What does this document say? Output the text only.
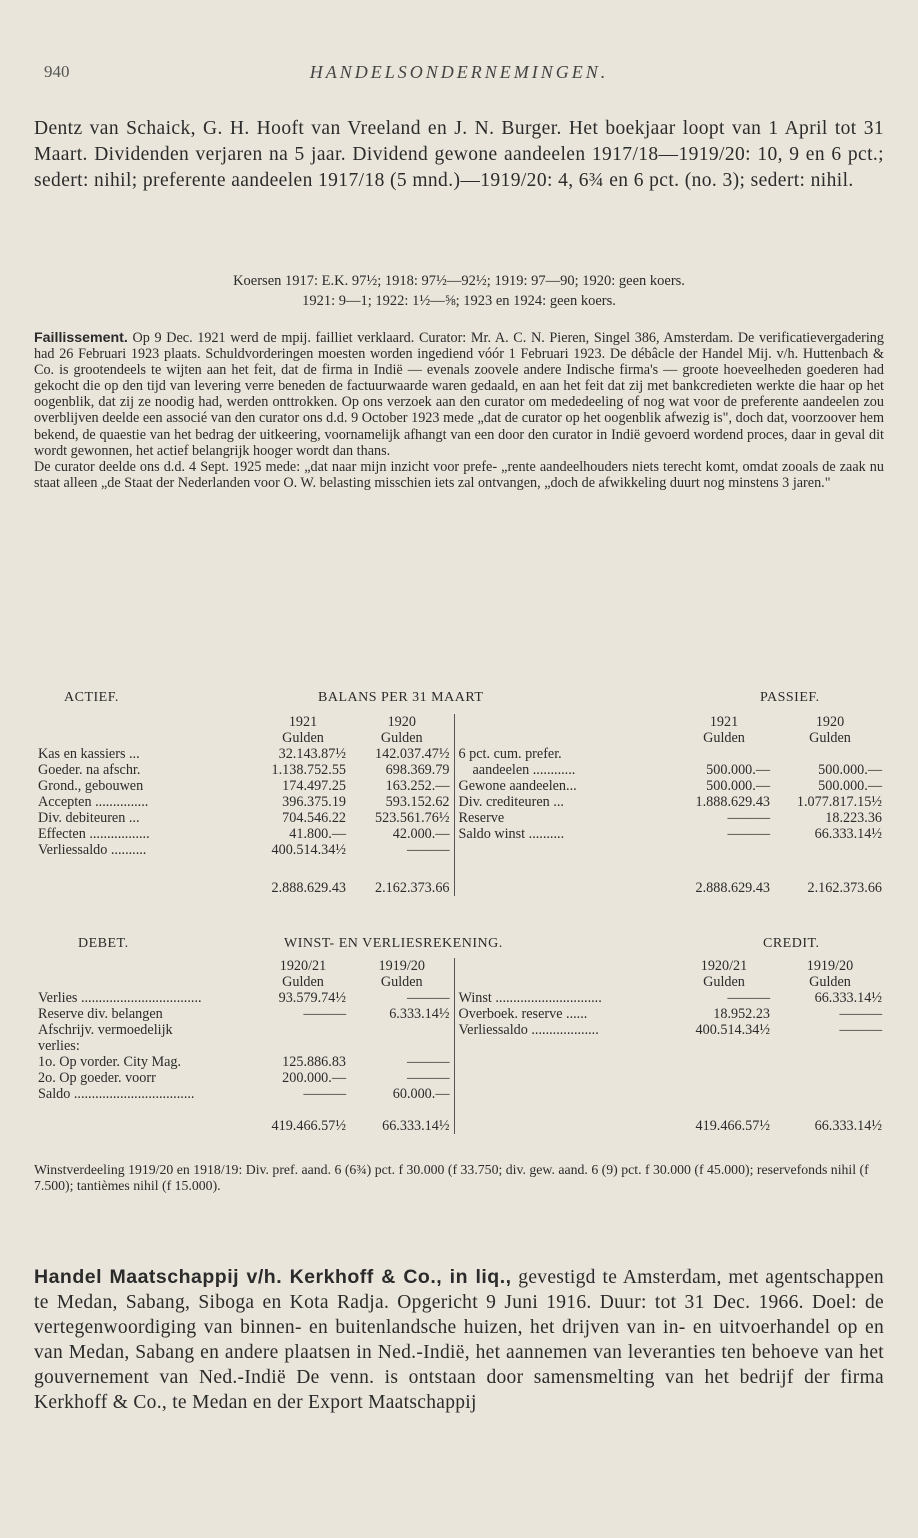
940	HANDELSONDERNEMINGEN.

Dentz van Schaick, G. H. Hooft van Vreeland en J. N. Burger. Het boekjaar loopt van 1 April tot 31 Maart. Dividenden verjaren na 5 jaar. Dividend gewone aandeelen 1917/18—1919/20: 10, 9 en 6 pct.; sedert: nihil; preferente aandeelen 1917/18 (5 mnd.)—1919/20: 4, 6¾ en 6 pct. (no. 3); sedert: nihil.

Koersen 1917: E.K. 97½; 1918: 97½—92½; 1919: 97—90; 1920: geen koers.

1921: 9—1; 1922: 1½—⅝; 1923 en 1924: geen koers.

Faillissement. Op 9 Dec. 1921 werd de mpij. failliet verklaard. Curator: Mr. A. C. N. Pieren, Singel 386, Amsterdam. De verificatievergadering had 26 Februari 1923 plaats. Schuldvorderingen moesten worden ingediend vóór 1 Februari 1923. De débâcle der Handel Mij. v/h. Huttenbach & Co. is grootendeels te wijten aan het feit, dat de firma in Indië — evenals zoovele andere Indische firma's — groote hoeveelheden goederen had gekocht die op den tijd van levering verre beneden de factuurwaarde waren gedaald, en aan het feit dat zij met bankcredieten werkte die haar op het oogenblik, dat zij ze noodig had, werden onttrokken. Op ons verzoek aan den curator om mededeeling of nog wat voor de preferente aandeelen zou overblijven deelde een associé van den curator ons d.d. 9 October 1923 mede „dat de curator op het oogenblik afwezig is", doch dat, voorzoover hem bekend, de quaestie van het bedrag der uitkeering, voornamelijk afhangt van een door den curator in Indië gevoerd wordend proces, daar in geval dit wordt gewonnen, het actief belangrijk hooger wordt dan thans.

De curator deelde ons d.d. 4 Sept. 1925 mede: „dat naar mijn inzicht voor prefe- „rente aandeelhouders niets terecht komt, omdat zooals de zaak nu staat alleen „de Staat der Nederlanden voor O. W. belasting misschien iets zal ontvangen, „doch de afwikkeling duurt nog minstens 3 jaren."

ACTIEF.	BALANS PER 31 MAART	PASSIEF.
	1921	1920		1921	1920
	Gulden	Gulden		Gulden	Gulden
Kas en kassiers ...	32.143.87½	142.037.47½	6 pct. cum. prefer.		
Goeder. na afschr.	1.138.752.55	698.369.79	aandeelen ............	500.000.—	500.000.—
Grond., gebouwen	174.497.25	163.252.—	Gewone aandeelen...	500.000.—	500.000.—
Accepten ...............	396.375.19	593.152.62	Div. crediteuren ...	1.888.629.43	1.077.817.15½
Div. debiteuren ...	704.546.22	523.561.76½	Reserve	———	18.223.36
Effecten .................	41.800.—	42.000.—	Saldo winst ..........	———	66.333.14½
Verliessaldo ..........	400.514.34½	———			

	2.888.629.43	2.162.373.66		2.888.629.43	2.162.373.66
DEBET.	WINST- EN VERLIESREKENING.	CREDIT.
	1920/21	1919/20		1920/21	1919/20
	Gulden	Gulden		Gulden	Gulden
Verlies ..................................	93.579.74½	———	Winst ..............................	———	66.333.14½
Reserve div. belangen	———	6.333.14½	Overboek. reserve ......	18.952.23	———
Afschrijv. vermoedelijk			Verliessaldo ...................	400.514.34½	———
verlies:					
1o. Op vorder. City Mag.	125.886.83	———			
2o. Op goeder. voorr	200.000.—	———			
Saldo ..................................	———	60.000.—			

	419.466.57½	66.333.14½		419.466.57½	66.333.14½

Winstverdeeling 1919/20 en 1918/19: Div. pref. aand. 6 (6¾) pct. f 30.000 (f 33.750; div. gew. aand. 6 (9) pct. f 30.000 (f 45.000); reservefonds nihil (f 7.500); tantièmes nihil (f 15.000).

Handel Maatschappij v/h. Kerkhoff & Co., in liq., gevestigd te Amsterdam, met agentschappen te Medan, Sabang, Siboga en Kota Radja. Opgericht 9 Juni 1916. Duur: tot 31 Dec. 1966. Doel: de vertegenwoordiging van binnen- en buitenlandsche huizen, het drijven van in- en uitvoerhandel op en van Medan, Sabang en andere plaatsen in Ned.-Indië, het aannemen van leveranties ten behoeve van het gouvernement van Ned.-Indië De venn. is ontstaan door samensmelting van het bedrijf der firma Kerkhoff & Co., te Medan en der Export Maatschappij
